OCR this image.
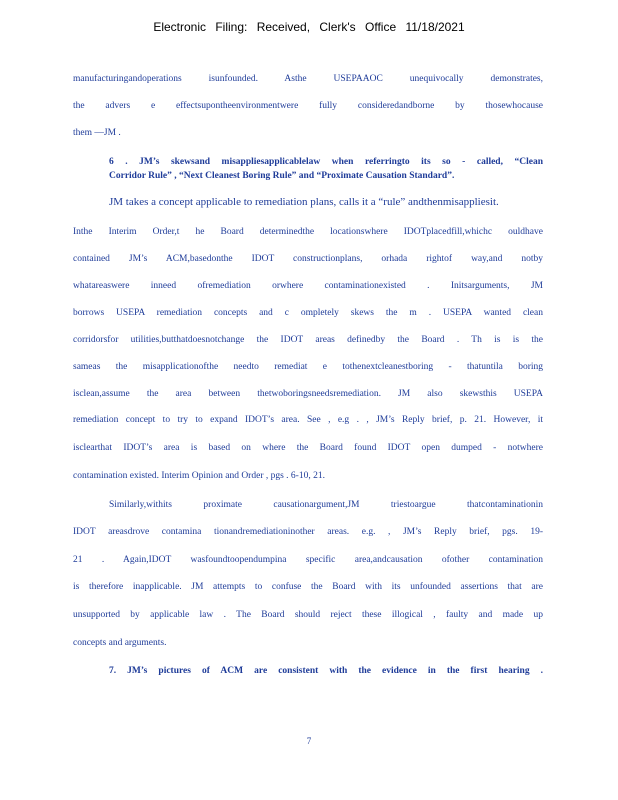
Electronic Filing: Received, Clerk's Office 11/18/2021
manufacturingandoperations isunfounded. Asthe USEPAAOC unequivocally demonstrates,
the advers e effectsupontheenvironmentwere fully consideredandborne by thosewhocause
them —JM .
6 . JM’s skewsand misappliesapplicablelaw when referringto its so - called, “Clean
Corridor Rule” , “Next Cleanest Boring Rule” and “Proximate Causation Standard”.
JM takes a concept applicable to remediation plans, calls it a “rule” andthenmisappliesit.
Inthe Interim Order,t he Board determinedthe locationswhere IDOTplacedfill,whichc ouldhave
contained JM’s ACM,basedonthe IDOT constructionplans, orhada rightof way,and notby
whatareaswere inneed ofremediation orwhere contaminationexisted . Initsarguments, JM
borrows USEPA remediation concepts and c ompletely skews the m . USEPA wanted clean
corridorsfor utilities,butthatdoesnotchange the IDOT areas definedby the Board . Th is is the
sameas the misapplicationofthe needto remediat e tothenextcleanestboring - thatuntila boring
isclean,assume the area between thetwoboringsneedsremediation. JM also skewsthis USEPA
remediation concept to try to expand IDOT’s area. See , e.g . , JM’s Reply brief, p. 21. However, it
isclearthat IDOT’s area is based on where the Board found IDOT open dumped - notwhere
contamination existed. Interim Opinion and Order , pgs . 6-10, 21.
Similarly,withits proximate causationargument,JM triestoargue thatcontaminationin
IDOT areasdrove contamina tionandremediationinother areas. e.g. , JM’s Reply brief, pgs. 19-
21 . Again,IDOT wasfoundtoopendumpina specific area,andcausation ofother contamination
is therefore inapplicable. JM attempts to confuse the Board with its unfounded assertions that are
unsupported by applicable law . The Board should reject these illogical , faulty and made up
concepts and arguments.
7. JM’s pictures of ACM are consistent with the evidence in the first hearing .
7
